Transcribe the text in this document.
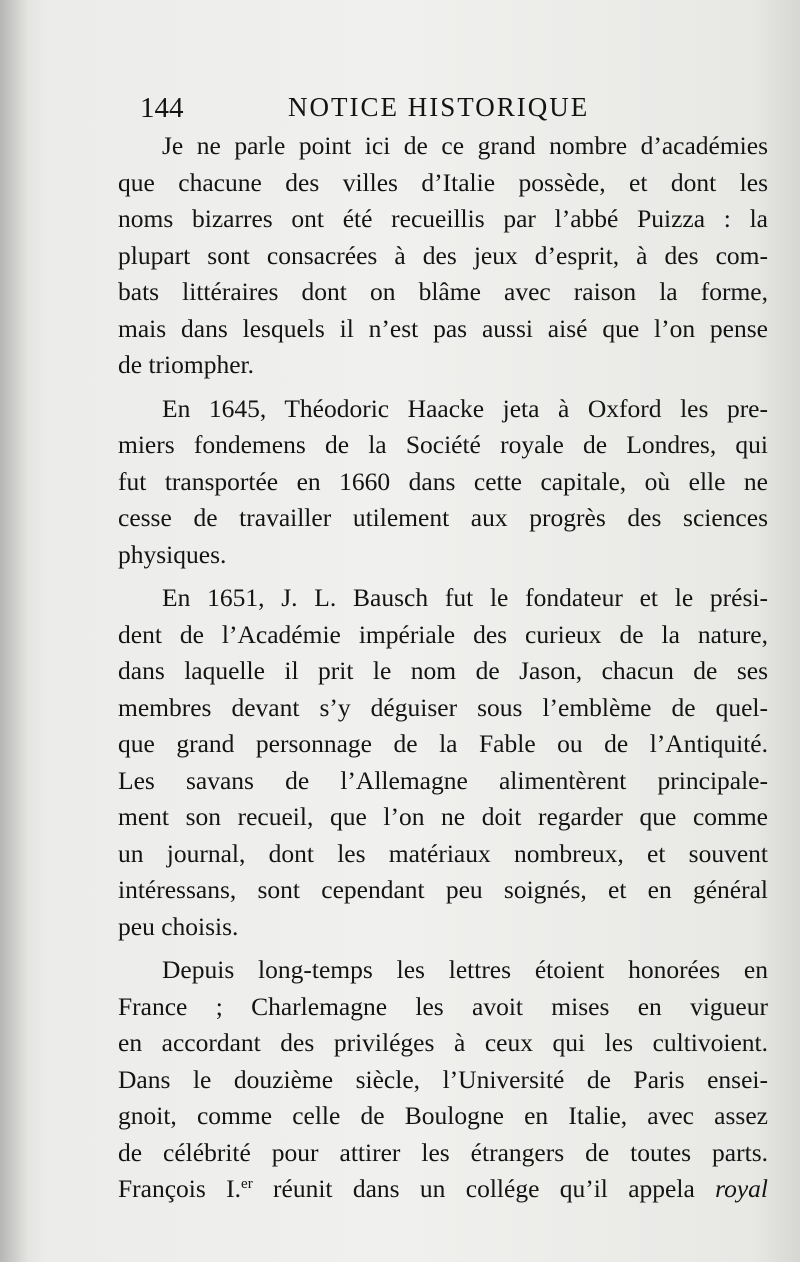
144	NOTICE HISTORIQUE
Je ne parle point ici de ce grand nombre d’académies
que chacune des villes d’Italie possède, et dont les
noms bizarres ont été recueillis par l’abbé Puizza : la
plupart sont consacrées à des jeux d’esprit, à des com-
bats littéraires dont on blâme avec raison la forme,
mais dans lesquels il n’est pas aussi aisé que l’on pense
de triompher.
En 1645, Théodoric Haacke jeta à Oxford les pre-
miers fondemens de la Société royale de Londres, qui
fut transportée en 1660 dans cette capitale, où elle ne
cesse de travailler utilement aux progrès des sciences
physiques.
En 1651, J. L. Bausch fut le fondateur et le prési-
dent de l’Académie impériale des curieux de la nature,
dans laquelle il prit le nom de Jason, chacun de ses
membres devant s’y déguiser sous l’emblème de quel-
que grand personnage de la Fable ou de l’Antiquité.
Les savans de l’Allemagne alimentèrent principale-
ment son recueil, que l’on ne doit regarder que comme
un journal, dont les matériaux nombreux, et souvent
intéressans, sont cependant peu soignés, et en général
peu choisis.
Depuis long-temps les lettres étoient honorées en
France ; Charlemagne les avoit mises en vigueur
en accordant des priviléges à ceux qui les cultivoient.
Dans le douzième siècle, l’Université de Paris ensei-
gnoit, comme celle de Boulogne en Italie, avec assez
de célébrité pour attirer les étrangers de toutes parts.
François I.$^{er}$ réunit dans un collége qu’il appela royal
